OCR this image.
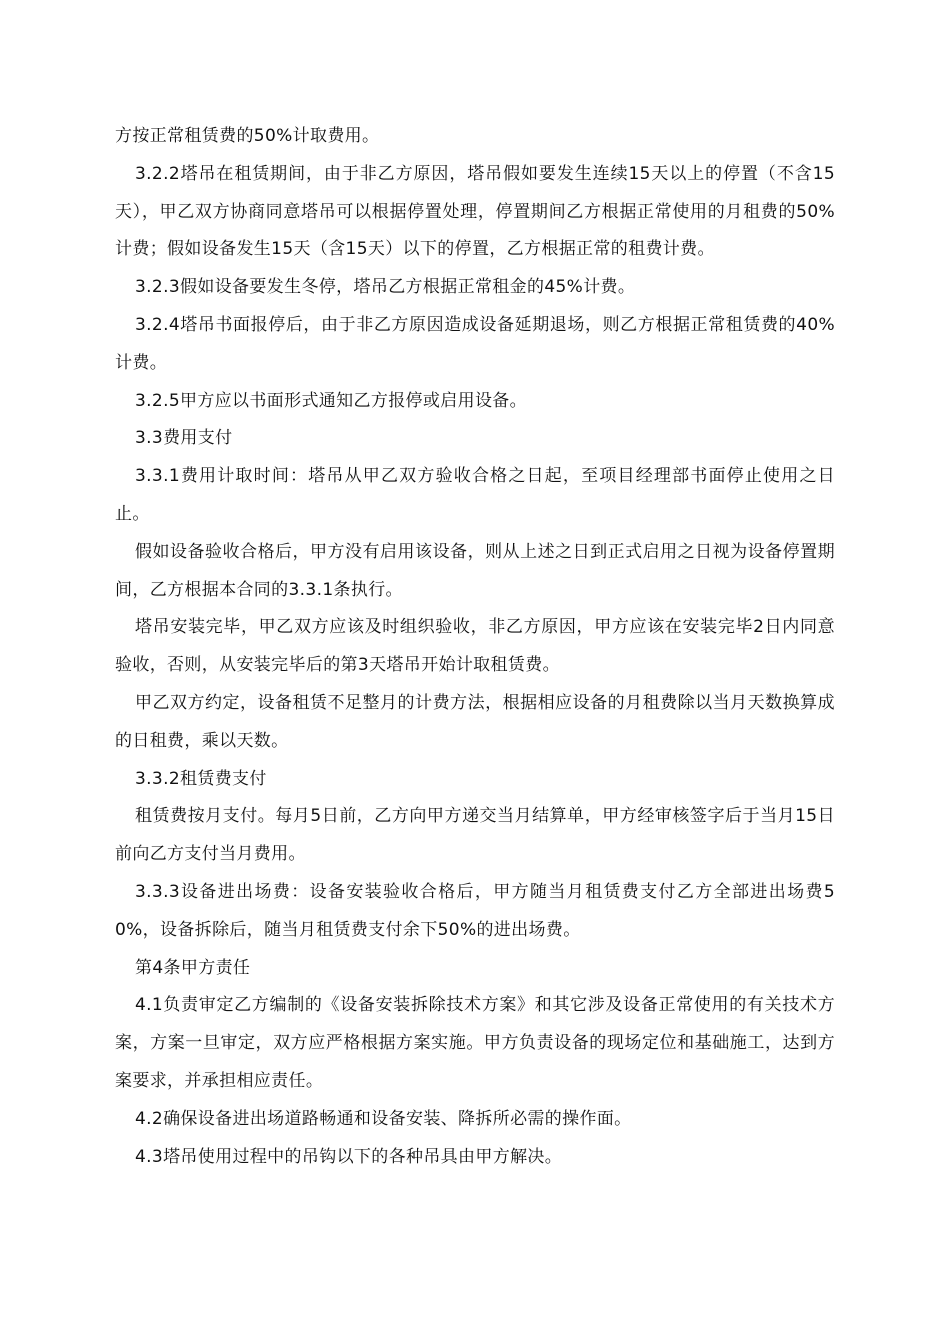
方按正常租赁费的50%计取费用。

3.2.2塔吊在租赁期间，由于非乙方原因，塔吊假如要发生连续15天以上的停置（不含15天），甲乙双方协商同意塔吊可以根据停置处理，停置期间乙方根据正常使用的月租费的50%计费；假如设备发生15天（含15天）以下的停置，乙方根据正常的租费计费。

3.2.3假如设备要发生冬停，塔吊乙方根据正常租金的45%计费。

3.2.4塔吊书面报停后，由于非乙方原因造成设备延期退场，则乙方根据正常租赁费的40%计费。

3.2.5甲方应以书面形式通知乙方报停或启用设备。

3.3费用支付

3.3.1费用计取时间：塔吊从甲乙双方验收合格之日起，至项目经理部书面停止使用之日止。

假如设备验收合格后，甲方没有启用该设备，则从上述之日到正式启用之日视为设备停置期间，乙方根据本合同的3.3.1条执行。

塔吊安装完毕，甲乙双方应该及时组织验收，非乙方原因，甲方应该在安装完毕2日内同意验收，否则，从安装完毕后的第3天塔吊开始计取租赁费。

甲乙双方约定，设备租赁不足整月的计费方法，根据相应设备的月租费除以当月天数换算成的日租费，乘以天数。

3.3.2租赁费支付

租赁费按月支付。每月5日前，乙方向甲方递交当月结算单，甲方经审核签字后于当月15日前向乙方支付当月费用。

3.3.3设备进出场费：设备安装验收合格后，甲方随当月租赁费支付乙方全部进出场费50%，设备拆除后，随当月租赁费支付余下50%的进出场费。

第4条甲方责任

4.1负责审定乙方编制的《设备安装拆除技术方案》和其它涉及设备正常使用的有关技术方案，方案一旦审定，双方应严格根据方案实施。甲方负责设备的现场定位和基础施工，达到方案要求，并承担相应责任。

4.2确保设备进出场道路畅通和设备安装、降拆所必需的操作面。

4.3塔吊使用过程中的吊钩以下的各种吊具由甲方解决。
